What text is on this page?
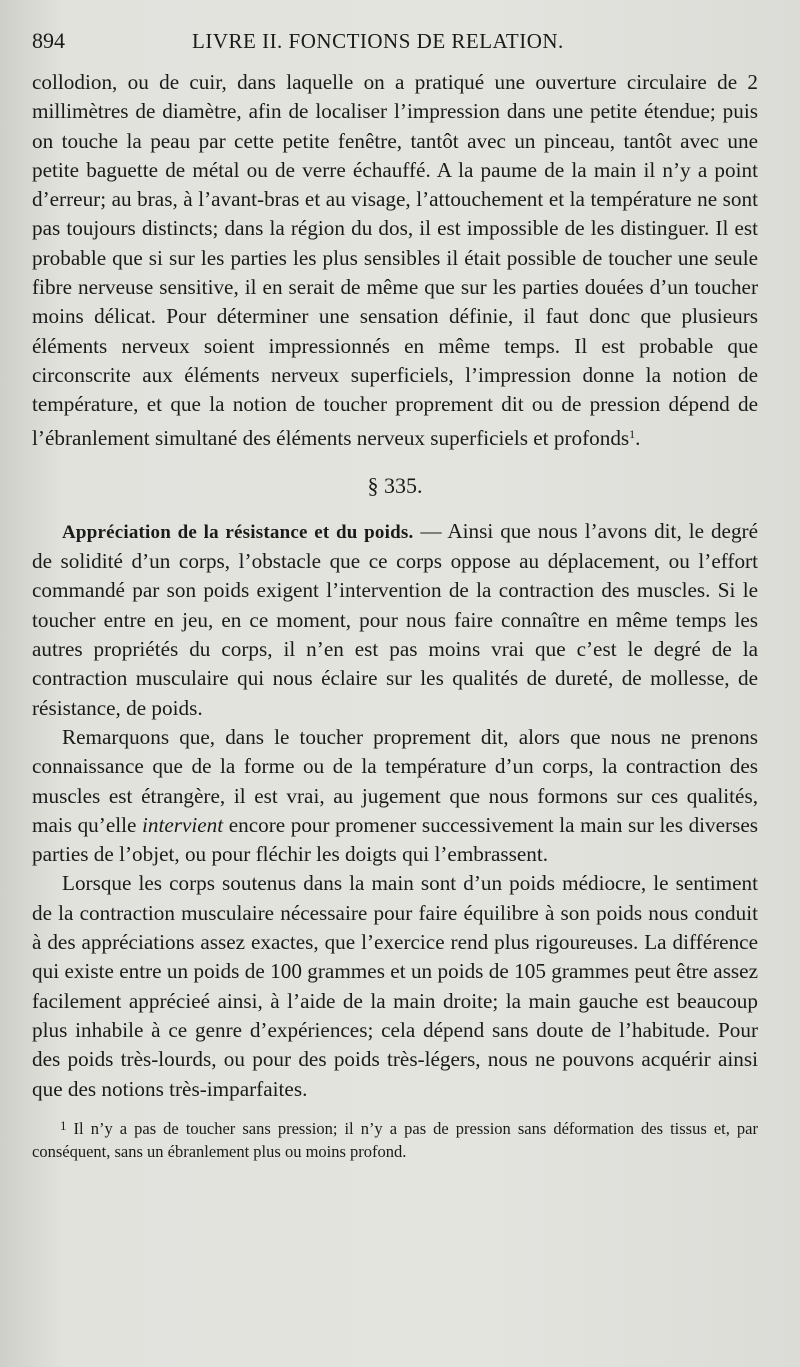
894	LIVRE II. FONCTIONS DE RELATION.

collodion, ou de cuir, dans laquelle on a pratiqué une ouverture circulaire de 2 millimètres de diamètre, afin de localiser l’impression dans une petite étendue; puis on touche la peau par cette petite fenêtre, tantôt avec un pinceau, tantôt avec une petite baguette de métal ou de verre échauffé. A la paume de la main il n’y a point d’erreur; au bras, à l’avant-bras et au visage, l’attouchement et la température ne sont pas toujours distincts; dans la région du dos, il est impossible de les distinguer. Il est probable que si sur les parties les plus sensibles il était possible de toucher une seule fibre nerveuse sensitive, il en serait de même que sur les parties douées d’un toucher moins délicat. Pour déterminer une sensation définie, il faut donc que plusieurs éléments nerveux soient impressionnés en même temps. Il est probable que circonscrite aux éléments nerveux superficiels, l’impression donne la notion de température, et que la notion de toucher proprement dit ou de pression dépend de l’ébranlement simultané des éléments nerveux superficiels et profonds$^1$.

§ 335.

Appréciation de la résistance et du poids. — Ainsi que nous l’avons dit, le degré de solidité d’un corps, l’obstacle que ce corps oppose au déplacement, ou l’effort commandé par son poids exigent l’intervention de la contraction des muscles. Si le toucher entre en jeu, en ce moment, pour nous faire connaître en même temps les autres propriétés du corps, il n’en est pas moins vrai que c’est le degré de la contraction musculaire qui nous éclaire sur les qualités de dureté, de mollesse, de résistance, de poids.

Remarquons que, dans le toucher proprement dit, alors que nous ne prenons connaissance que de la forme ou de la température d’un corps, la contraction des muscles est étrangère, il est vrai, au jugement que nous formons sur ces qualités, mais qu’elle intervient encore pour promener successivement la main sur les diverses parties de l’objet, ou pour fléchir les doigts qui l’embrassent.

Lorsque les corps soutenus dans la main sont d’un poids médiocre, le sentiment de la contraction musculaire nécessaire pour faire équilibre à son poids nous conduit à des appréciations assez exactes, que l’exercice rend plus rigoureuses. La différence qui existe entre un poids de 100 grammes et un poids de 105 grammes peut être assez facilement apprécieé ainsi, à l’aide de la main droite; la main gauche est beaucoup plus inhabile à ce genre d’expériences; cela dépend sans doute de l’habitude. Pour des poids très-lourds, ou pour des poids très-légers, nous ne pouvons acquérir ainsi que des notions très-imparfaites.

$^1$ Il n’y a pas de toucher sans pression; il n’y a pas de pression sans déformation des tissus et, par conséquent, sans un ébranlement plus ou moins profond.
